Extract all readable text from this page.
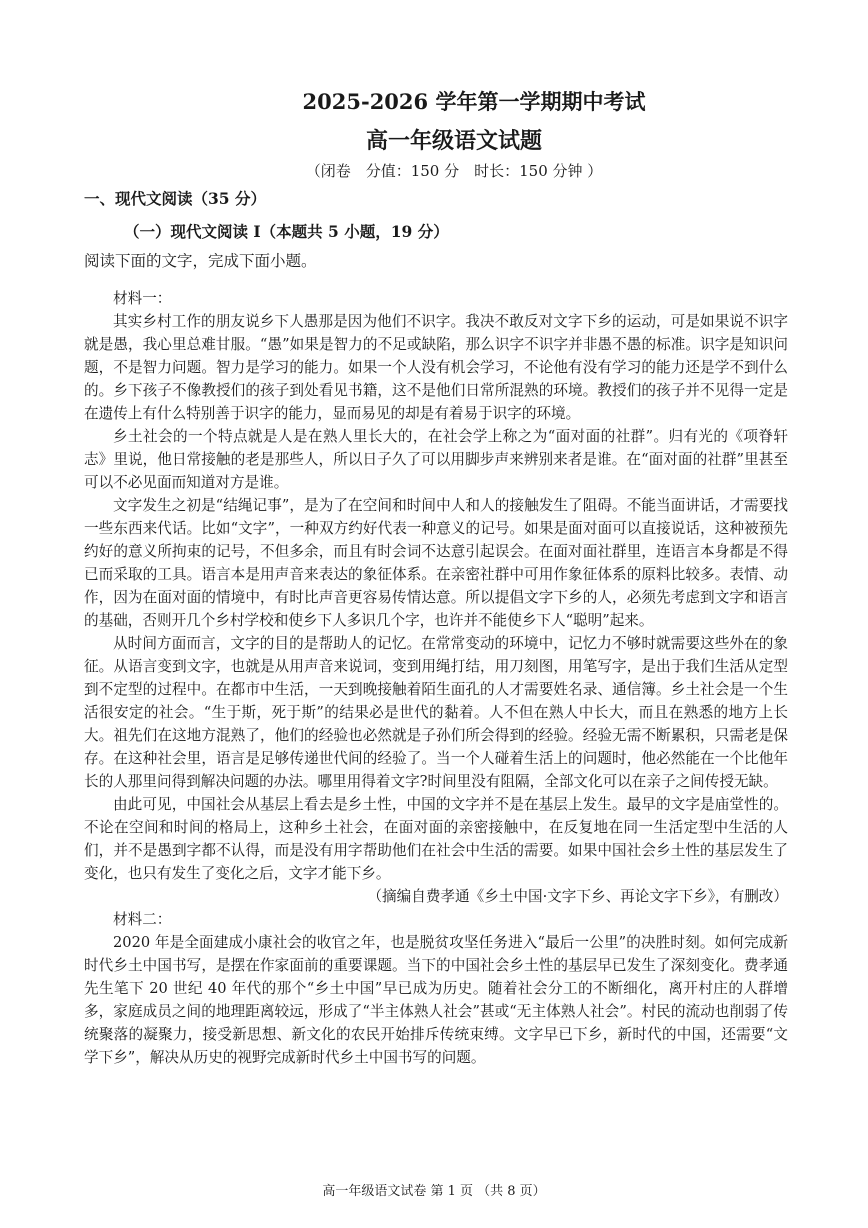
2025-2026 学年第一学期期中考试
高一年级语文试题
（闭卷　分值：150 分　时长：150 分钟 ）
一、现代文阅读（35 分）
（一）现代文阅读 I（本题共 5 小题，19 分）
阅读下面的文字，完成下面小题。
材料一：

其实乡村工作的朋友说乡下人愚那是因为他们不识字。我决不敢反对文字下乡的运动，可是如果说不识字就是愚，我心里总难甘服。“愚”如果是智力的不足或缺陷，那么识字不识字并非愚不愚的标准。识字是知识问题，不是智力问题。智力是学习的能力。如果一个人没有机会学习，不论他有没有学习的能力还是学不到什么的。乡下孩子不像教授们的孩子到处看见书籍，这不是他们日常所混熟的环境。教授们的孩子并不见得一定是在遗传上有什么特别善于识字的能力，显而易见的却是有着易于识字的环境。

乡土社会的一个特点就是人是在熟人里长大的，在社会学上称之为“面对面的社群”。归有光的《项脊轩志》里说，他日常接触的老是那些人，所以日子久了可以用脚步声来辨别来者是谁。在“面对面的社群”里甚至可以不必见面而知道对方是谁。

文字发生之初是“结绳记事”，是为了在空间和时间中人和人的接触发生了阻碍。不能当面讲话，才需要找一些东西来代话。比如“文字”，一种双方约好代表一种意义的记号。如果是面对面可以直接说话，这种被预先约好的意义所拘束的记号，不但多余，而且有时会词不达意引起误会。在面对面社群里，连语言本身都是不得已而采取的工具。语言本是用声音来表达的象征体系。在亲密社群中可用作象征体系的原料比较多。表情、动作，因为在面对面的情境中，有时比声音更容易传情达意。所以提倡文字下乡的人，必须先考虑到文字和语言的基础，否则开几个乡村学校和使乡下人多识几个字，也许并不能使乡下人“聪明”起来。

从时间方面而言，文字的目的是帮助人的记忆。在常常变动的环境中，记忆力不够时就需要这些外在的象征。从语言变到文字，也就是从用声音来说词，变到用绳打结，用刀刻图，用笔写字，是出于我们生活从定型到不定型的过程中。在都市中生活，一天到晚接触着陌生面孔的人才需要姓名录、通信簿。乡土社会是一个生活很安定的社会。“生于斯，死于斯”的结果必是世代的黏着。人不但在熟人中长大，而且在熟悉的地方上长大。祖先们在这地方混熟了，他们的经验也必然就是子孙们所会得到的经验。经验无需不断累积，只需老是保存。在这种社会里，语言是足够传递世代间的经验了。当一个人碰着生活上的问题时，他必然能在一个比他年长的人那里问得到解决问题的办法。哪里用得着文字?时间里没有阻隔，全部文化可以在亲子之间传授无缺。

由此可见，中国社会从基层上看去是乡土性，中国的文字并不是在基层上发生。最早的文字是庙堂性的。不论在空间和时间的格局上，这种乡土社会，在面对面的亲密接触中，在反复地在同一生活定型中生活的人们，并不是愚到字都不认得，而是没有用字帮助他们在社会中生活的需要。如果中国社会乡土性的基层发生了变化，也只有发生了变化之后，文字才能下乡。

（摘编自费孝通《乡土中国·文字下乡、再论文字下乡》，有删改）
材料二：

2020 年是全面建成小康社会的收官之年，也是脱贫攻坚任务进入“最后一公里”的决胜时刻。如何完成新时代乡土中国书写，是摆在作家面前的重要课题。当下的中国社会乡土性的基层早已发生了深刻变化。费孝通先生笔下 20 世纪 40 年代的那个“乡土中国”早已成为历史。随着社会分工的不断细化，离开村庄的人群增多，家庭成员之间的地理距离较远，形成了“半主体熟人社会”甚或“无主体熟人社会”。村民的流动也削弱了传统聚落的凝聚力，接受新思想、新文化的农民开始排斥传统束缚。文字早已下乡，新时代的中国，还需要“文学下乡”，解决从历史的视野完成新时代乡土中国书写的问题。

高一年级语文试卷 第 1 页 （共 8 页）
